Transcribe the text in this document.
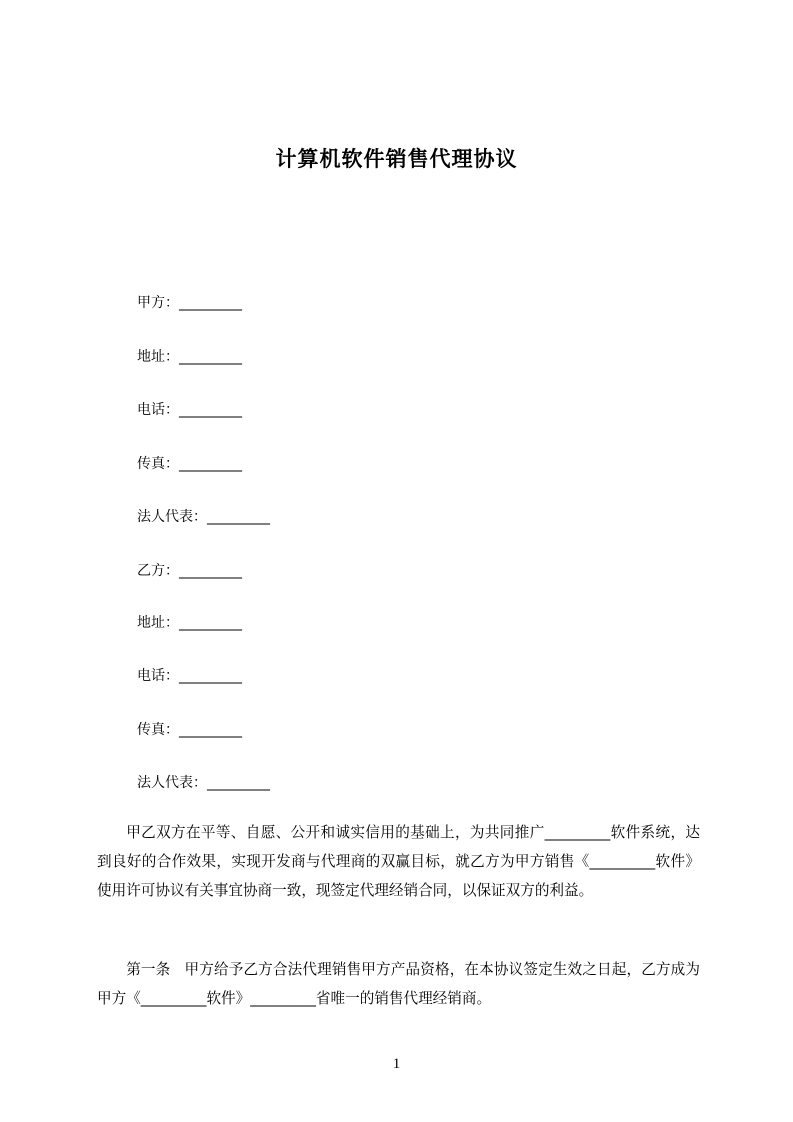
计算机软件销售代理协议
甲方：_________
地址：_________
电话：_________
传真：_________
法人代表：_________
乙方：_________
地址：_________
电话：_________
传真：_________
法人代表：_________

甲乙双方在平等、自愿、公开和诚实信用的基础上，为共同推广_________软件系统，达到良好的合作效果，实现开发商与代理商的双赢目标，就乙方为甲方销售《_________软件》使用许可协议有关事宜协商一致，现签定代理经销合同，以保证双方的利益。

第一条 甲方给予乙方合法代理销售甲方产品资格，在本协议签定生效之日起，乙方成为甲方《_________软件》_________省唯一的销售代理经销商。

1
